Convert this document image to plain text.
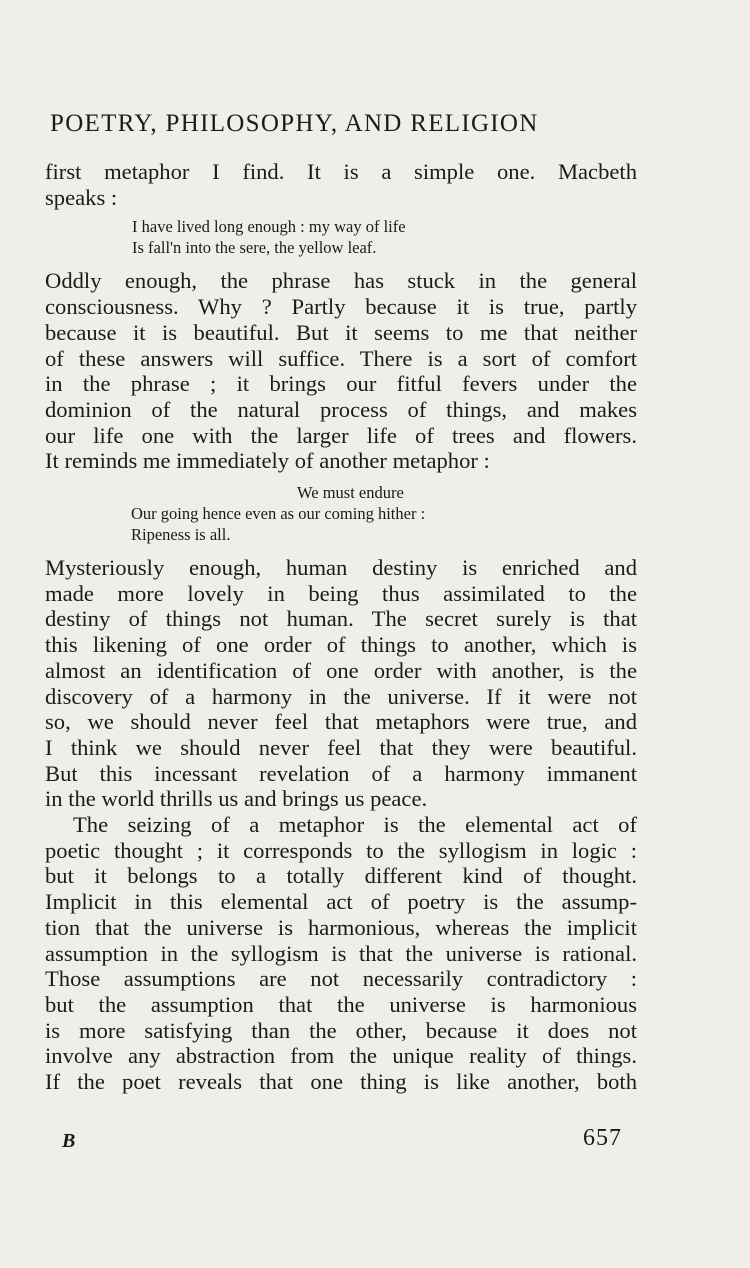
POETRY, PHILOSOPHY, AND RELIGION
first metaphor I find. It is a simple one. Macbeth
speaks :
I have lived long enough : my way of life
Is fall'n into the sere, the yellow leaf.
Oddly enough, the phrase has stuck in the general
consciousness. Why ? Partly because it is true, partly
because it is beautiful. But it seems to me that neither
of these answers will suffice. There is a sort of comfort
in the phrase ; it brings our fitful fevers under the
dominion of the natural process of things, and makes
our life one with the larger life of trees and flowers.
It reminds me immediately of another metaphor :
We must endure
Our going hence even as our coming hither :
Ripeness is all.
Mysteriously enough, human destiny is enriched and
made more lovely in being thus assimilated to the
destiny of things not human. The secret surely is that
this likening of one order of things to another, which is
almost an identification of one order with another, is the
discovery of a harmony in the universe. If it were not
so, we should never feel that metaphors were true, and
I think we should never feel that they were beautiful.
But this incessant revelation of a harmony immanent
in the world thrills us and brings us peace.
The seizing of a metaphor is the elemental act of
poetic thought ; it corresponds to the syllogism in logic :
but it belongs to a totally different kind of thought.
Implicit in this elemental act of poetry is the assump-
tion that the universe is harmonious, whereas the implicit
assumption in the syllogism is that the universe is rational.
Those assumptions are not necessarily contradictory :
but the assumption that the universe is harmonious
is more satisfying than the other, because it does not
involve any abstraction from the unique reality of things.
If the poet reveals that one thing is like another, both
B	657
